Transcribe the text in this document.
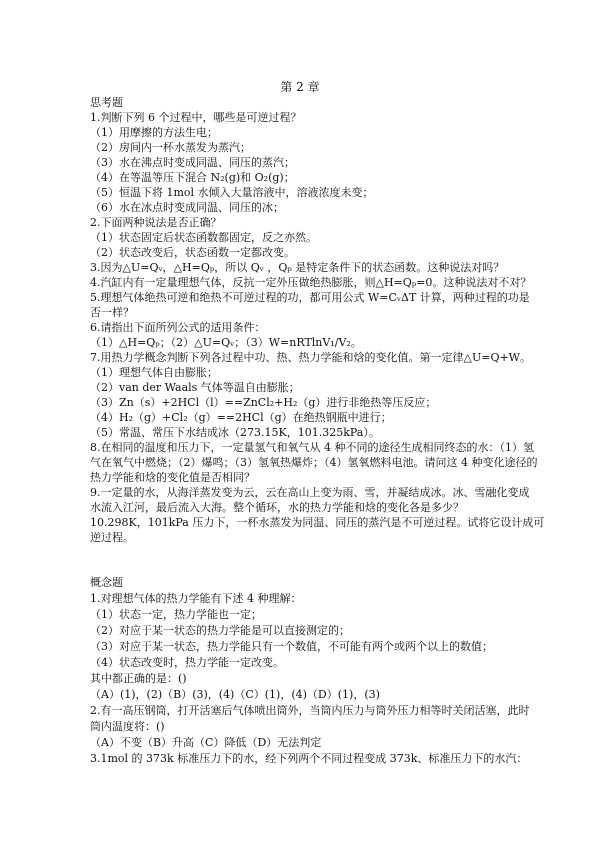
第 2 章
思考题
1.判断下列 6 个过程中，哪些是可逆过程？
（1）用摩擦的方法生电；
（2）房间内一杯水蒸发为蒸汽；
（3）水在沸点时变成同温、同压的蒸汽；
（4）在等温等压下混合 N₂(g)和 O₂(g)；
（5）恒温下将 1mol 水倾入大量溶液中，溶液浓度未变；
（6）水在冰点时变成同温、同压的冰；
2.下面两种说法是否正确？
（1）状态固定后状态函数都固定，反之亦然。
（2）状态改变后，状态函数一定都改变。
3.因为△U=Qᵥ，△H=Qₚ，所以 Qᵥ ，Qₚ 是特定条件下的状态函数。这种说法对吗？
4.汽缸内有一定量理想气体，反抗一定外压做绝热膨胀，则△H=Qₚ=0。这种说法对不对？
5.理想气体绝热可逆和绝热不可逆过程的功，都可用公式 W=CᵥΔT 计算，两种过程的功是
否一样？
6.请指出下面所列公式的适用条件：
（1）△H=Qₚ；（2）△U=Qᵥ；（3）W=nRTlnV₁/V₂。
7.用热力学概念判断下列各过程中功、热、热力学能和焓的变化值。第一定律△U=Q+W。
（1）理想气体自由膨胀；
（2）van der Waals 气体等温自由膨胀；
（3）Zn（s）+2HCl（l）==ZnCl₂+H₂（g）进行非绝热等压反应；
（4）H₂（g）+Cl₂（g）==2HCl（g）在绝热钢瓶中进行；
（5）常温、常压下水结成冰（273.15K，101.325kPa）。
8.在相同的温度和压力下，一定量氢气和氧气从 4 种不同的途径生成相同终态的水：（1）氢
气在氧气中燃烧；（2）爆鸣；（3）氢氧热爆炸；（4）氢氧燃料电池。请问这 4 种变化途径的
热力学能和焓的变化值是否相同？
9.一定量的水，从海洋蒸发变为云，云在高山上变为雨、雪，并凝结成冰。冰、雪融化变成
水流入江河，最后流入大海。整个循环，水的热力学能和焓的变化各是多少？
10.298K，101kPa 压力下，一杯水蒸发为同温、同压的蒸汽是不可逆过程。试将它设计成可
逆过程。
概念题
1.对理想气体的热力学能有下述 4 种理解：
（1）状态一定，热力学能也一定；
（2）对应于某一状态的热力学能是可以直接测定的；
（3）对应于某一状态，热力学能只有一个数值，不可能有两个或两个以上的数值；
（4）状态改变时，热力学能一定改变。
其中都正确的是：()
（A）(1)，(2)（B）(3)，(4)（C）(1)，(4)（D）(1)，(3)
2.有一高压钢筒，打开活塞后气体喷出筒外，当筒内压力与筒外压力相等时关闭活塞，此时
筒内温度将：()
（A）不变（B）升高（C）降低（D）无法判定
3.1mol 的 373k 标准压力下的水，经下列两个不同过程变成 373k、标准压力下的水汽：
